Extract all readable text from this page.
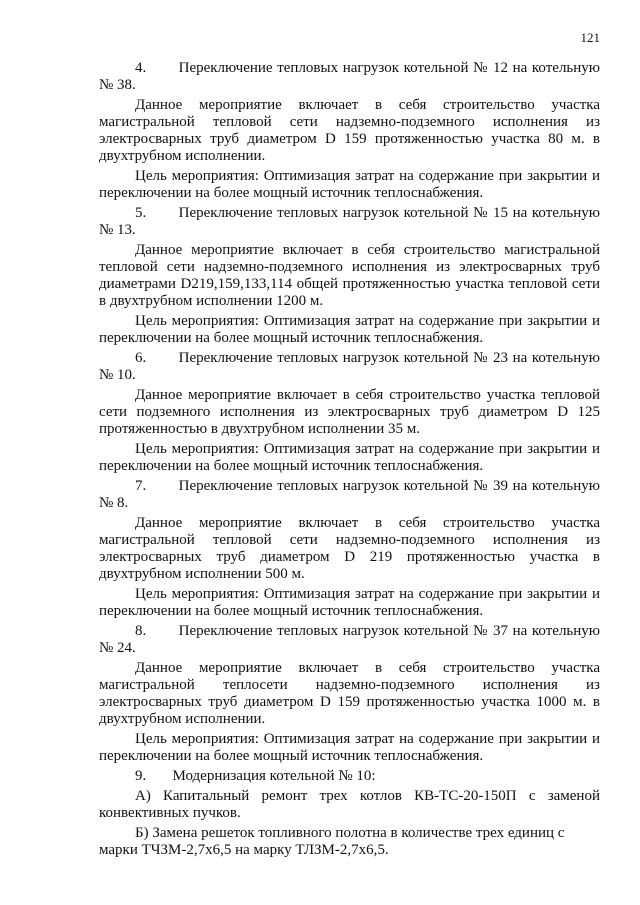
121

4.       Переключение тепловых нагрузок котельной № 12 на котельную № 38.

Данное мероприятие включает в себя строительство участка магистральной тепловой сети надземно-подземного исполнения из электросварных труб диаметром D 159 протяженностью участка 80 м. в двухтрубном исполнении.

Цель мероприятия: Оптимизация затрат на содержание при закрытии и переключении на более мощный источник теплоснабжения.

5.       Переключение тепловых нагрузок котельной № 15 на котельную № 13.

Данное мероприятие включает в себя строительство магистральной тепловой сети надземно-подземного исполнения из электросварных труб диаметрами D219,159,133,114 общей протяженностью участка тепловой сети в двухтрубном исполнении 1200 м.

Цель мероприятия: Оптимизация затрат на содержание при закрытии и переключении на более мощный источник теплоснабжения.

6.       Переключение тепловых нагрузок котельной № 23 на котельную № 10.

Данное мероприятие включает в себя строительство участка тепловой сети подземного исполнения из электросварных труб диаметром D 125 протяженностью в двухтрубном исполнении 35 м.

Цель мероприятия: Оптимизация затрат на содержание при закрытии и переключении на более мощный источник теплоснабжения.

7.       Переключение тепловых нагрузок котельной № 39 на котельную № 8.

Данное мероприятие включает в себя строительство участка магистральной тепловой сети надземно-подземного исполнения из электросварных труб диаметром D 219 протяженностью участка в двухтрубном исполнении 500 м.

Цель мероприятия: Оптимизация затрат на содержание при закрытии и переключении на более мощный источник теплоснабжения.

8.       Переключение тепловых нагрузок котельной № 37 на котельную № 24.

Данное мероприятие включает в себя строительство участка магистральной теплосети надземно-подземного исполнения из электросварных труб диаметром D 159 протяженностью участка 1000 м. в двухтрубном исполнении.

Цель мероприятия: Оптимизация затрат на содержание при закрытии и переключении на более мощный источник теплоснабжения.

9.       Модернизация котельной № 10:

А) Капитальный ремонт трех котлов КВ-ТС-20-150П с заменой конвективных пучков.

Б) Замена решеток топливного полотна в количестве трех единиц с марки ТЧЗМ-2,7х6,5 на марку ТЛЗМ-2,7х6,5.
